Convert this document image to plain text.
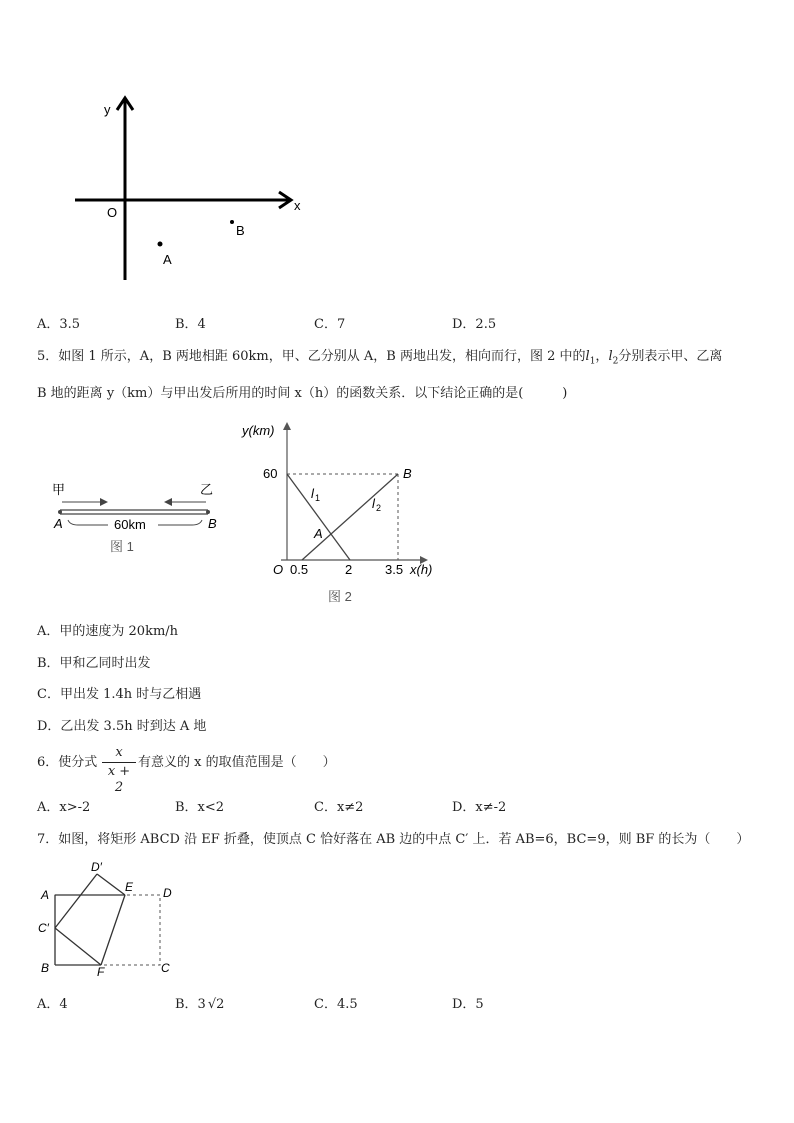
y
x
O
A
B
A．3.5	B．4	C．7	D．2.5
5．如图 1 所示，A，B 两地相距 60km，甲、乙分别从 A，B 两地出发，相向而行，图 2 中的$l_1$，$l_2$分别表示甲、乙离
B 地的距离 y（km）与甲出发后所用的时间 x（h）的函数关系．以下结论正确的是(　　　)
甲	乙
A	B
60km
图 1
y(km)
x(h)
O
60
0.5	2	3.5
A
B
l 1	l 2
图 2
A．甲的速度为 20km/h
B．甲和乙同时出发
C．甲出发 1.4h 时与乙相遇
D．乙出发 3.5h 时到达 A 地
6．使分式
x
x + 2
有意义的 x 的取值范围是（　　）
A．x>-2	B．x<2	C．x≠2	D．x≠-2
7．如图，将矩形 ABCD 沿 EF 折叠，使顶点 C 恰好落在 AB 边的中点 C′ 上．若 AB=6，BC=9，则 BF 的长为（　　）
D′
E D
A
C′
B	F	C
A．4	B．3 √2	C．4.5	D．5
